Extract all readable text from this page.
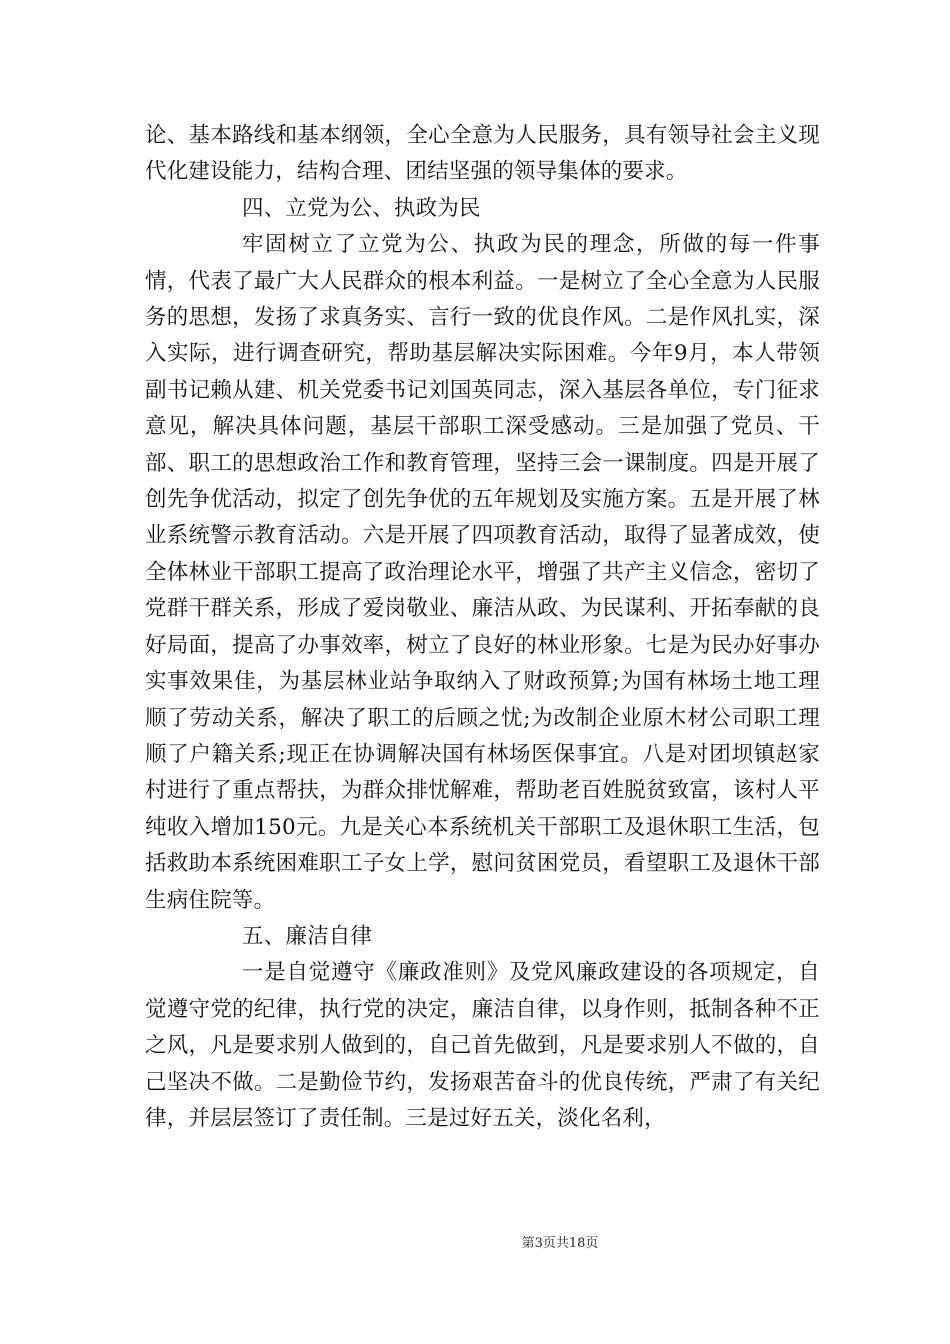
论、基本路线和基本纲领，全心全意为人民服务，具有领导社会主义现代化建设能力，结构合理、团结坚强的领导集体的要求。

四、立党为公、执政为民

牢固树立了立党为公、执政为民的理念，所做的每一件事情，代表了最广大人民群众的根本利益。一是树立了全心全意为人民服务的思想，发扬了求真务实、言行一致的优良作风。二是作风扎实，深入实际，进行调查研究，帮助基层解决实际困难。今年9月，本人带领副书记赖从建、机关党委书记刘国英同志，深入基层各单位，专门征求意见，解决具体问题，基层干部职工深受感动。三是加强了党员、干部、职工的思想政治工作和教育管理，坚持三会一课制度。四是开展了创先争优活动，拟定了创先争优的五年规划及实施方案。五是开展了林业系统警示教育活动。六是开展了四项教育活动，取得了显著成效，使全体林业干部职工提高了政治理论水平，增强了共产主义信念，密切了党群干群关系，形成了爱岗敬业、廉洁从政、为民谋利、开拓奉献的良好局面，提高了办事效率，树立了良好的林业形象。七是为民办好事办实事效果佳，为基层林业站争取纳入了财政预算;为国有林场土地工理顺了劳动关系，解决了职工的后顾之忧;为改制企业原木材公司职工理顺了户籍关系;现正在协调解决国有林场医保事宜。八是对团坝镇赵家村进行了重点帮扶，为群众排忧解难，帮助老百姓脱贫致富，该村人平纯收入增加150元。九是关心本系统机关干部职工及退休职工生活，包括救助本系统困难职工子女上学，慰问贫困党员，看望职工及退休干部生病住院等。

五、廉洁自律

一是自觉遵守《廉政准则》及党风廉政建设的各项规定，自觉遵守党的纪律，执行党的决定，廉洁自律，以身作则，抵制各种不正之风，凡是要求别人做到的，自己首先做到，凡是要求别人不做的，自己坚决不做。二是勤俭节约，发扬艰苦奋斗的优良传统，严肃了有关纪律，并层层签订了责任制。三是过好五关，淡化名利，

第3页共18页
